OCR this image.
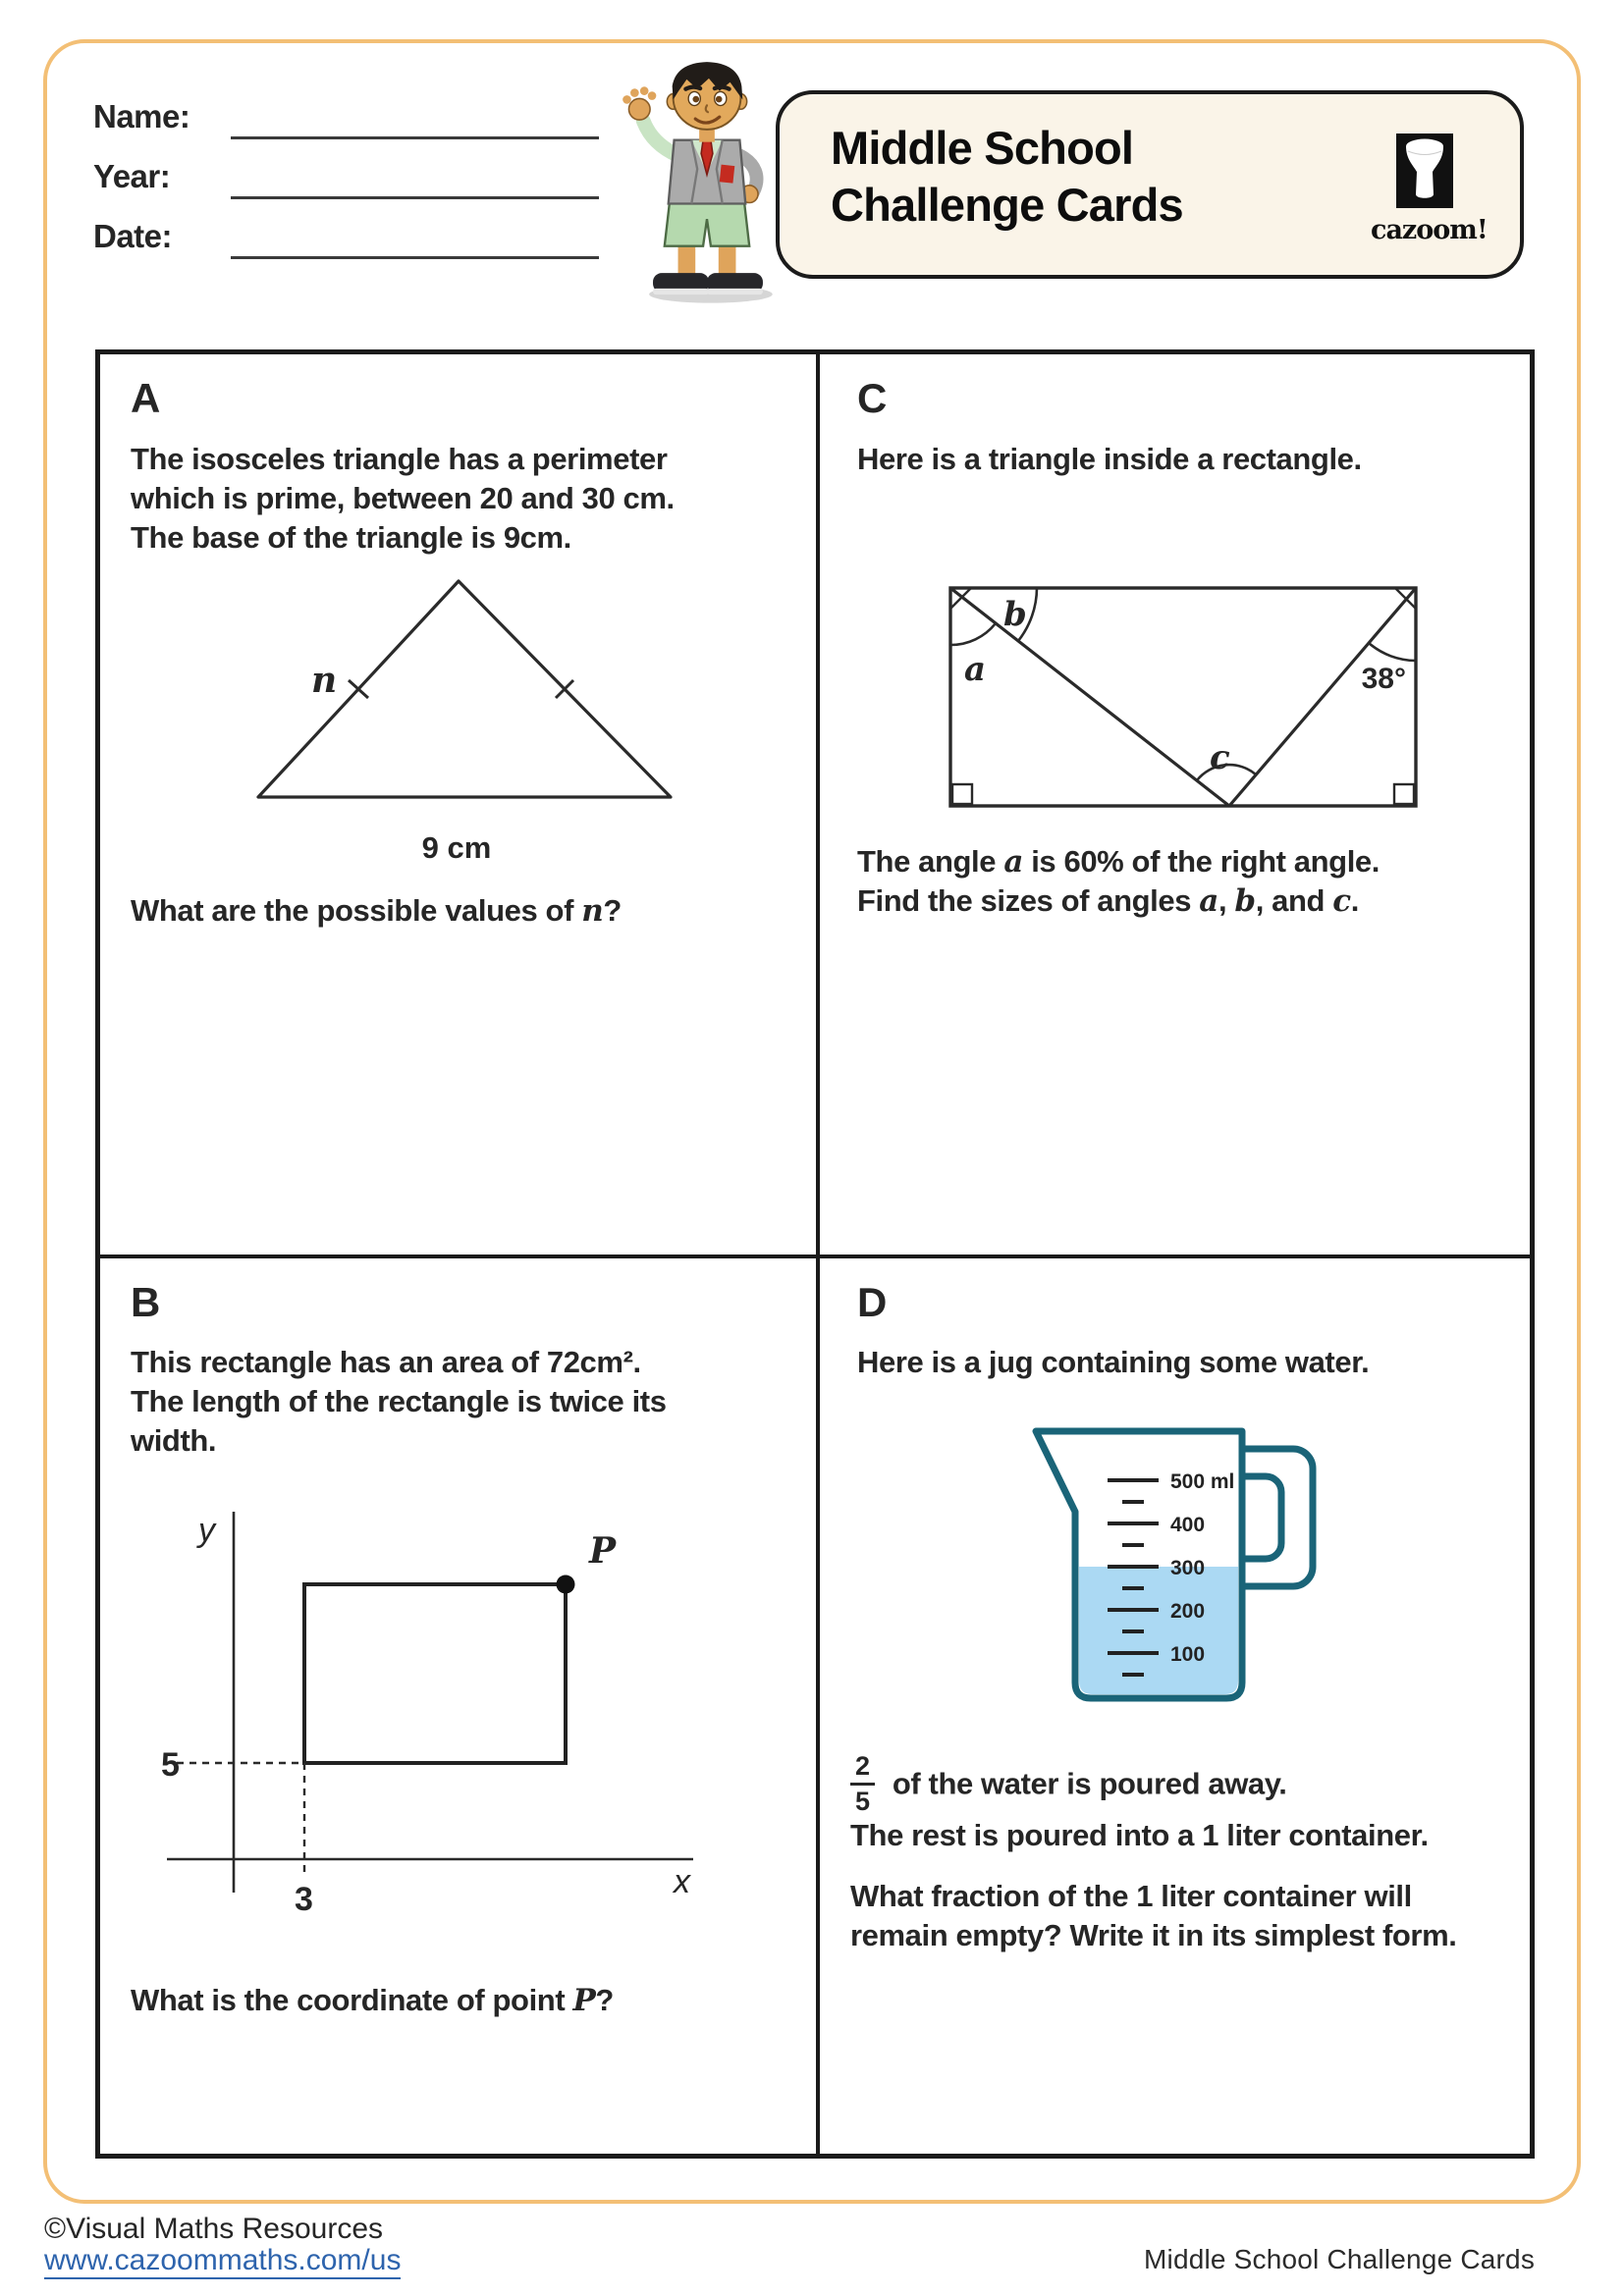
Name:
Year:
Date:
Middle School
Challenge Cards	cazoom!
A
The isosceles triangle has a perimeter
which is prime, between 20 and 30 cm.
The base of the triangle is 9cm.
n
9 cm
What are the possible values of n?
C
Here is a triangle inside a rectangle.
a
b
38°
c
The angle a is 60% of the right angle.
Find the sizes of angles a, b, and c.
B
This rectangle has an area of 72cm².
The length of the rectangle is twice its
width.
5
3
y
x
P
What is the coordinate of point P?
D
Here is a jug containing some water.
500 ml
400
300
200
100
$\frac{2}{5}$ of the water is poured away.
The rest is poured into a 1 liter container.
What fraction of the 1 liter container will
remain empty? Write it in its simplest form.
©Visual Maths Resources
www.cazoommaths.com/us	Middle School Challenge Cards
